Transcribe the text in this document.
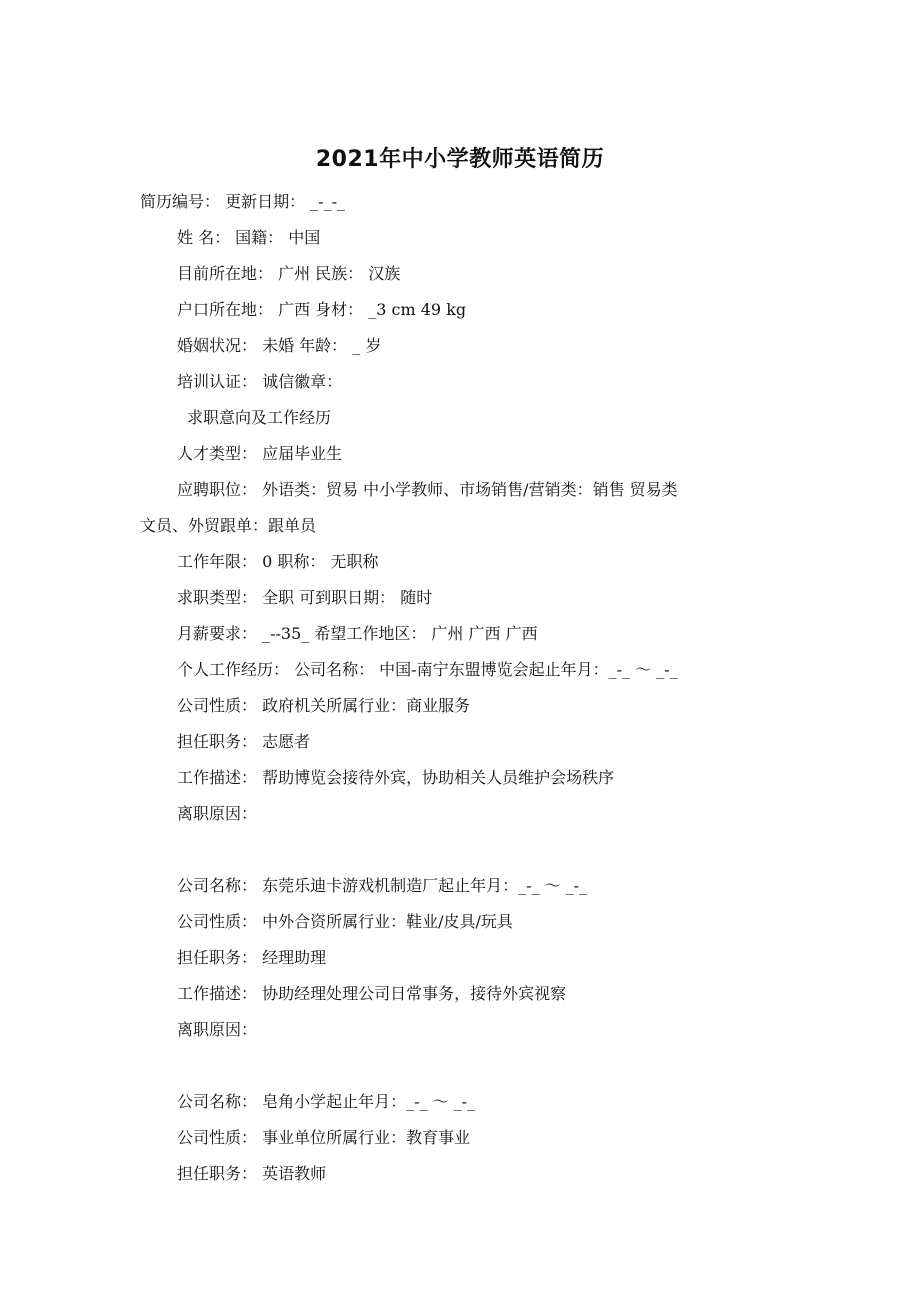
2021年中小学教师英语简历
简历编号： 更新日期： _-_-_
姓 名： 国籍： 中国
目前所在地： 广州 民族： 汉族
户口所在地： 广西 身材： _3 cm 49 kg
婚姻状况： 未婚 年龄： _ 岁
培训认证： 诚信徽章：
求职意向及工作经历
人才类型： 应届毕业生
应聘职位： 外语类：贸易 中小学教师、市场销售/营销类：销售 贸易类
文员、外贸跟单：跟单员
工作年限： 0 职称： 无职称
求职类型： 全职 可到职日期： 随时
月薪要求： _--35_ 希望工作地区： 广州 广西 广西
个人工作经历： 公司名称： 中国-南宁东盟博览会起止年月：_-_ ～ _-_
公司性质： 政府机关所属行业：商业服务
担任职务： 志愿者
工作描述： 帮助博览会接待外宾，协助相关人员维护会场秩序
离职原因：
公司名称： 东莞乐迪卡游戏机制造厂起止年月：_-_ ～ _-_
公司性质： 中外合资所属行业：鞋业/皮具/玩具
担任职务： 经理助理
工作描述： 协助经理处理公司日常事务，接待外宾视察
离职原因：
公司名称： 皂角小学起止年月：_-_ ～ _-_
公司性质： 事业单位所属行业：教育事业
担任职务： 英语教师
